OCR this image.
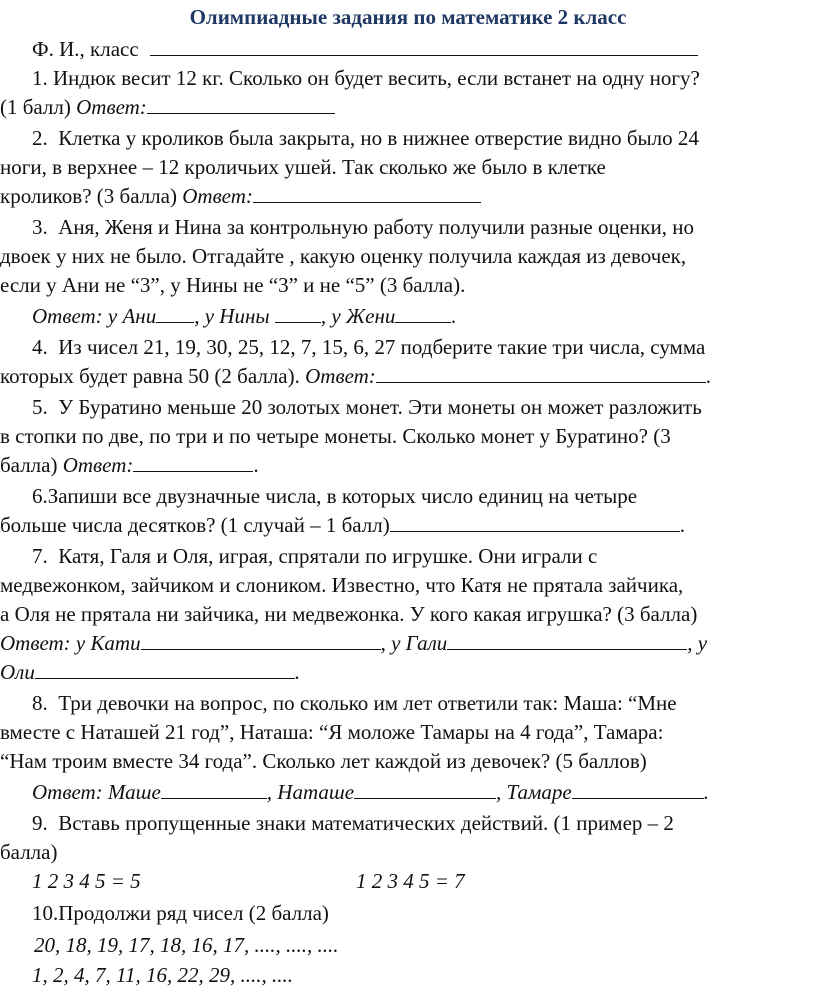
Олимпиадные задания по математике 2 класс
Ф. И., класс
1. Индюк весит 12 кг. Сколько он будет весить, если встанет на одну ногу?
(1 балл) Ответ:
2. Клетка у кроликов была закрыта, но в нижнее отверстие видно было 24
ноги, в верхнее – 12 кроличьих ушей. Так сколько же было в клетке
кроликов? (3 балла) Ответ:
3. Аня, Женя и Нина за контрольную работу получили разные оценки, но
двоек у них не было. Отгадайте , какую оценку получила каждая из девочек,
если у Ани не “3”, у Нины не “3” и не “5” (3 балла).
Ответ: у Ани , у Нины , у Жени	.
4. Из чисел 21, 19, 30, 25, 12, 7, 15, 6, 27 подберите такие три числа, сумма
которых будет равна 50 (2 балла). Ответ:	.
5. У Буратино меньше 20 золотых монет. Эти монеты он может разложить
в стопки по две, по три и по четыре монеты. Сколько монет у Буратино? (3
балла) Ответ:	.
6.Запиши все двузначные числа, в которых число единиц на четыре
больше числа десятков? (1 случай – 1 балл)	.
7. Катя, Галя и Оля, играя, спрятали по игрушке. Они играли с
медвежонком, зайчиком и слоником. Известно, что Катя не прятала зайчика,
а Оля не прятала ни зайчика, ни медвежонка. У кого какая игрушка? (3 балла)
Ответ: у Кати	, у Гали	, у
Оли	.
8. Три девочки на вопрос, по сколько им лет ответили так: Маша: “Мне
вместе с Наташей 21 год”, Наташа: “Я моложе Тамары на 4 года”, Тамара:
“Нам троим вместе 34 года”. Сколько лет каждой из девочек? (5 баллов)
Ответ: Маше	, Наташе	, Тамаре	.
9. Вставь пропущенные знаки математических действий. (1 пример – 2
балла)
1 2 3 4 5 = 5	1 2 3 4 5 = 7
10.Продолжи ряд чисел (2 балла)
20, 18, 19, 17, 18, 16, 17, ...., ...., ....
1, 2, 4, 7, 11, 16, 22, 29, ...., ....
